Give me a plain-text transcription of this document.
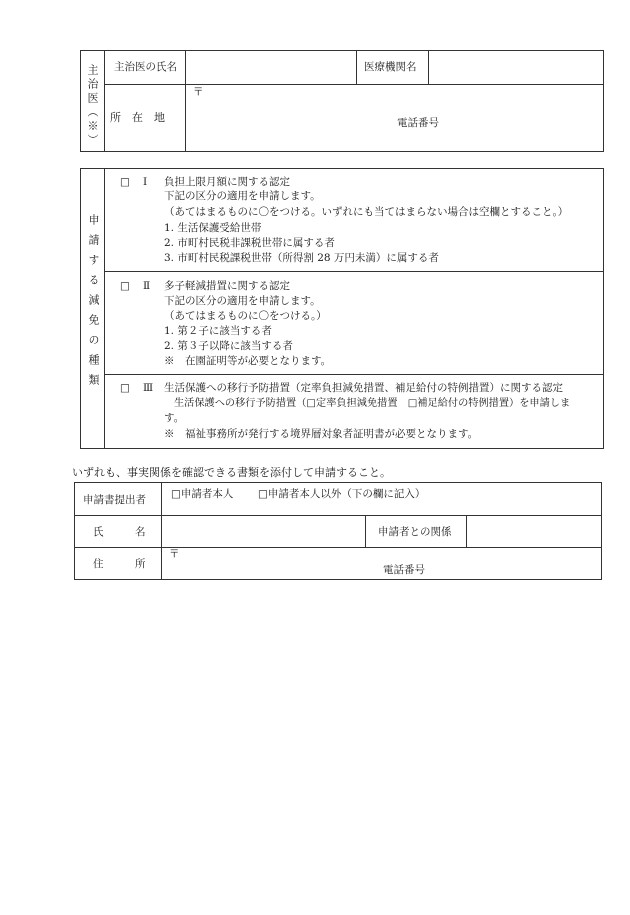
主治医（※） 主治医の氏名	医療機関名
所　在　地
〒
電話番号
申請する減免の種類
□ Ⅰ 負担上限月額に関する認定
下記の区分の適用を申請します。
（あてはまるものに〇をつける。いずれにも当てはまらない場合は空欄とすること。）
1. 生活保護受給世帯
2. 市町村民税非課税世帯に属する者
3. 市町村民税課税世帯（所得割 28 万円未満）に属する者
□ Ⅱ 多子軽減措置に関する認定
下記の区分の適用を申請します。
（あてはまるものに〇をつける。）
1. 第２子に該当する者
2. 第３子以降に該当する者
※　在園証明等が必要となります。
□ Ⅲ 生活保護への移行予防措置（定率負担減免措置、補足給付の特例措置）に関する認定
生活保護への移行予防措置（□定率負担減免措置　□補足給付の特例措置）を申請しま
す。
※　福祉事務所が発行する境界層対象者証明書が必要となります。
いずれも、事実関係を確認できる書類を添付して申請すること。
申請書提出者 □申請者本人 □申請者本人以外（下の欄に記入）
氏　　　名	申請者との関係
住　　　所
〒
電話番号
